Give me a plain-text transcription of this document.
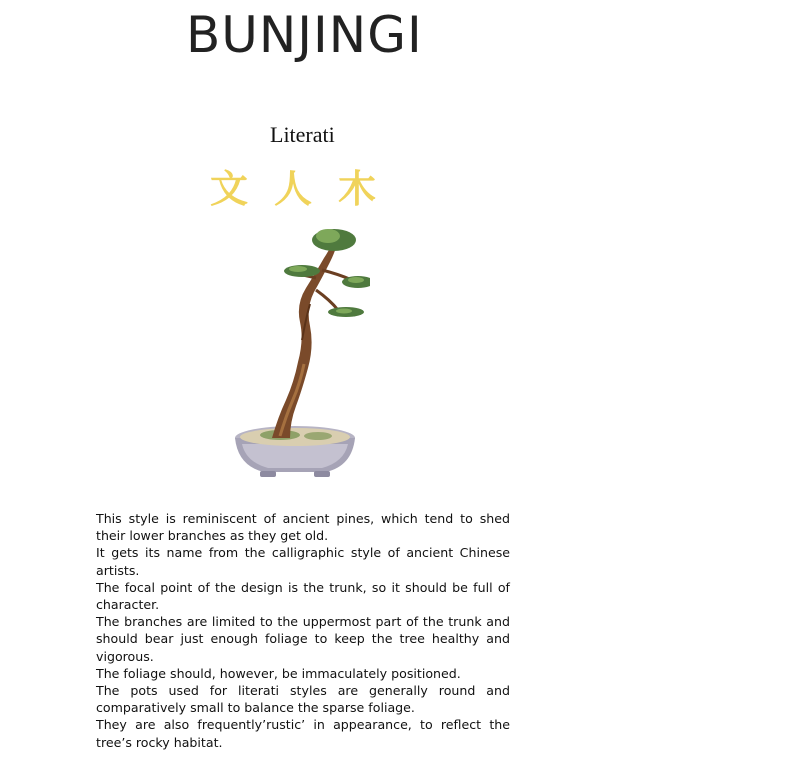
BUNJINGI
Literati
文人木

This style is reminiscent of ancient pines, which tend to shed their lower branches as they get old.

It gets its name from the calligraphic style of ancient Chinese artists.

The focal point of the design is the trunk, so it should be full of character.

The branches are limited to the uppermost part of the trunk and should bear just enough foliage to keep the tree healthy and vigorous.

The foliage should, however, be immaculately positioned.

The pots used for literati styles are generally round and comparatively small to balance the sparse foliage.

They are also frequently’rustic’ in appearance, to reflect the tree’s rocky habitat.
